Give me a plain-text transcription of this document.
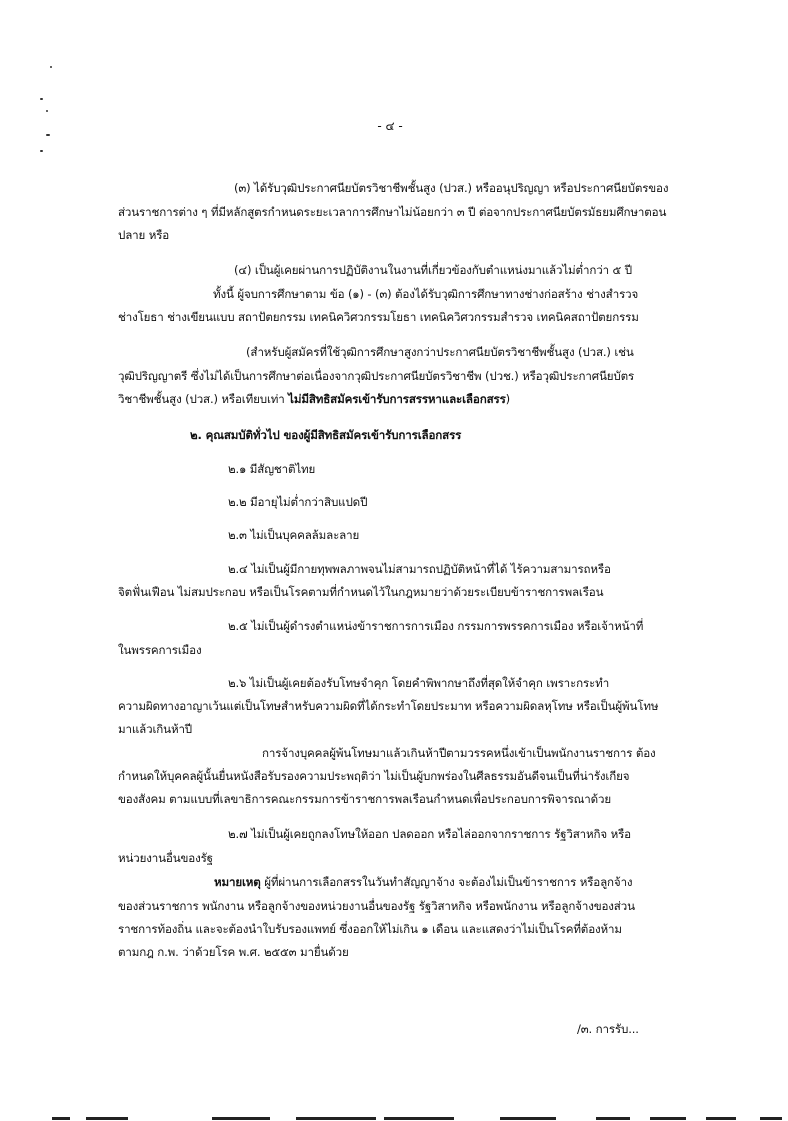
- ๔ -

(๓) ได้รับวุฒิประกาศนียบัตรวิชาชีพชั้นสูง (ปวส.) หรืออนุปริญญา หรือประกาศนียบัตรของ

ส่วนราชการต่าง ๆ ที่มีหลักสูตรกำหนดระยะเวลาการศึกษาไม่น้อยกว่า ๓ ปี ต่อจากประกาศนียบัตรมัธยมศึกษาตอน

ปลาย หรือ

(๔) เป็นผู้เคยผ่านการปฏิบัติงานในงานที่เกี่ยวข้องกับตำแหน่งมาแล้วไม่ต่ำกว่า ๕ ปี

ทั้งนี้ ผู้จบการศึกษาตาม ข้อ (๑) - (๓) ต้องได้รับวุฒิการศึกษาทางช่างก่อสร้าง ช่างสำรวจ

ช่างโยธา ช่างเขียนแบบ สถาปัตยกรรม เทคนิควิศวกรรมโยธา เทคนิควิศวกรรมสำรวจ เทคนิคสถาปัตยกรรม

(สำหรับผู้สมัครที่ใช้วุฒิการศึกษาสูงกว่าประกาศนียบัตรวิชาชีพชั้นสูง (ปวส.) เช่น

วุฒิปริญญาตรี ซึ่งไม่ได้เป็นการศึกษาต่อเนื่องจากวุฒิประกาศนียบัตรวิชาชีพ (ปวช.) หรือวุฒิประกาศนียบัตร

วิชาชีพชั้นสูง (ปวส.) หรือเทียบเท่า ไม่มีสิทธิสมัครเข้ารับการสรรหาและเลือกสรร)

๒. คุณสมบัติทั่วไป ของผู้มีสิทธิสมัครเข้ารับการเลือกสรร

๒.๑ มีสัญชาติไทย

๒.๒ มีอายุไม่ต่ำกว่าสิบแปดปี

๒.๓ ไม่เป็นบุคคลล้มละลาย

๒.๔ ไม่เป็นผู้มีกายทุพพลภาพจนไม่สามารถปฏิบัติหน้าที่ได้ ไร้ความสามารถหรือ

จิตฟั่นเฟือน ไม่สมประกอบ หรือเป็นโรคตามที่กำหนดไว้ในกฎหมายว่าด้วยระเบียบข้าราชการพลเรือน

๒.๕ ไม่เป็นผู้ดำรงตำแหน่งข้าราชการการเมือง กรรมการพรรคการเมือง หรือเจ้าหน้าที่

ในพรรคการเมือง

๒.๖ ไม่เป็นผู้เคยต้องรับโทษจำคุก โดยคำพิพากษาถึงที่สุดให้จำคุก เพราะกระทำ

ความผิดทางอาญาเว้นแต่เป็นโทษสำหรับความผิดที่ได้กระทำโดยประมาท หรือความผิดลหุโทษ หรือเป็นผู้พ้นโทษ

มาแล้วเกินห้าปี

การจ้างบุคคลผู้พ้นโทษมาแล้วเกินห้าปีตามวรรคหนึ่งเข้าเป็นพนักงานราชการ ต้อง

กำหนดให้บุคคลผู้นั้นยื่นหนังสือรับรองความประพฤติว่า ไม่เป็นผู้บกพร่องในศีลธรรมอันดีจนเป็นที่น่ารังเกียจ

ของสังคม ตามแบบที่เลขาธิการคณะกรรมการข้าราชการพลเรือนกำหนดเพื่อประกอบการพิจารณาด้วย

๒.๗ ไม่เป็นผู้เคยถูกลงโทษให้ออก ปลดออก หรือไล่ออกจากราชการ รัฐวิสาหกิจ หรือ

หน่วยงานอื่นของรัฐ

หมายเหตุ ผู้ที่ผ่านการเลือกสรรในวันทำสัญญาจ้าง จะต้องไม่เป็นข้าราชการ หรือลูกจ้าง

ของส่วนราชการ พนักงาน หรือลูกจ้างของหน่วยงานอื่นของรัฐ รัฐวิสาหกิจ หรือพนักงาน หรือลูกจ้างของส่วน

ราชการท้องถิ่น และจะต้องนำใบรับรองแพทย์ ซึ่งออกให้ไม่เกิน ๑ เดือน และแสดงว่าไม่เป็นโรคที่ต้องห้าม

ตามกฎ ก.พ. ว่าด้วยโรค พ.ศ. ๒๕๕๓ มายื่นด้วย

/๓. การรับ...
